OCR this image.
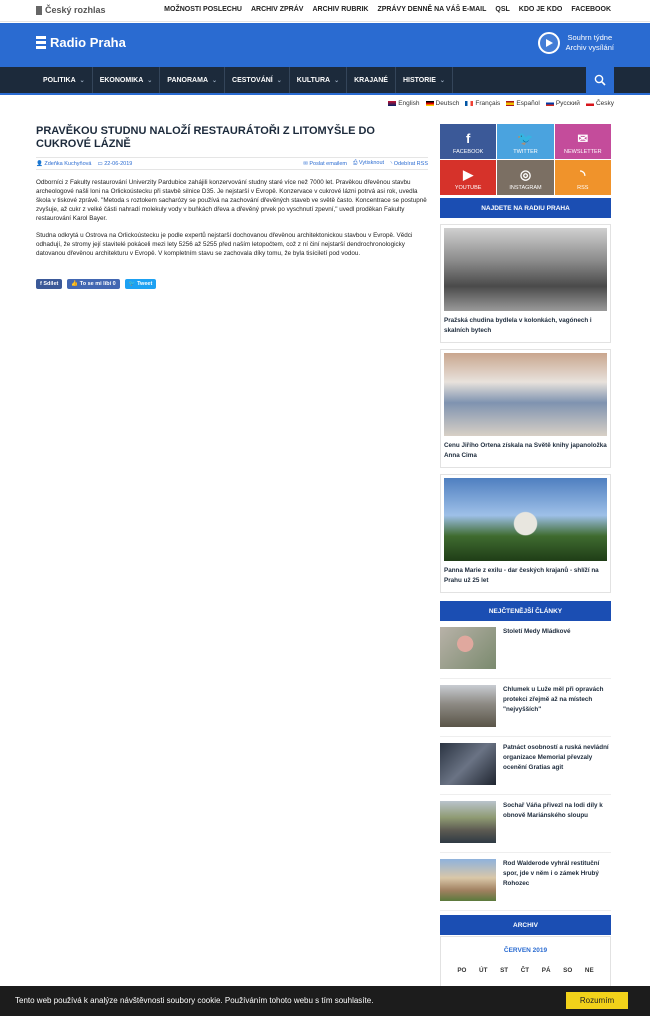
Český rozhlas	MOŽNOSTI POSLECHU ARCHIV ZPRÁV ARCHIV RUBRIK ZPRÁVY DENNĚ NA VÁŠ E-MAIL QSL KDO JE KDO FACEBOOK
Radio Praha	Souhrn týdne
Archiv vysílání
POLITIKA ⌄ EKONOMIKA ⌄ PANORAMA ⌄ CESTOVÁNÍ ⌄ KULTURA ⌄ KRAJANÉ HISTORIE ⌄
English Deutsch Français Español Русский Česky
PRAVĚKOU STUDNU NALOŽÍ RESTAURÁTOŘI Z LITOMYŠLE DO CUKROVÉ LÁZNĚ
👤 Zdeňka Kuchyňová ▭ 22-06-2019	✉ Poslat emailem ⎙ Vytisknout ◝ Odebírat RSS

Odborníci z Fakulty restaurování Univerzity Pardubice zahájili konzervování studny staré více než 7000 let. Pravěkou dřevěnou stavbu archeologové našli loni na Orlickoústecku při stavbě silnice D35. Je nejstarší v Evropě. Konzervace v cukrové lázni potrvá asi rok, uvedla škola v tiskové zprávě. "Metoda s roztokem sacharózy se používá na zachování dřevěných staveb ve světě často. Koncentrace se postupně zvyšuje, až cukr z velké části nahradí molekuly vody v buňkách dřeva a dřevěný prvek po vyschnutí zpevní," uvedl proděkan Fakulty restaurování Karol Bayer.

Studna odkrytá u Ostrova na Orlickoústecku je podle expertů nejstarší dochovanou dřevěnou architektonickou stavbou v Evropě. Vědci odhadují, že stromy její stavitelé pokáceli mezi lety 5256 až 5255 před naším letopočtem, což z ní činí nejstarší dendrochronologicky datovanou dřevěnou architekturu v Evropě. V kompletním stavu se zachovala díky tomu, že byla tisíciletí pod vodou.

f Sdílet	👍 To se mi líbí 0	🐦 Tweet
f
FACEBOOK
🐦
TWITTER
✉
NEWSLETTER
▶
YOUTUBE
◎
INSTAGRAM
◝
RSS
NAJDETE NA RADIU PRAHA
Pražská chudina bydlela v kolonkách, vagónech i skalních bytech
Cenu Jiřího Ortena získala na Světě knihy japanoložka Anna Cima
Panna Marie z exilu - dar českých krajanů - shlíží na Prahu už 25 let
NEJČTENĚJŠÍ ČLÁNKY
Století Medy Mládkové
Chlumek u Luže měl při opravách protekci zřejmě až na místech "nejvyšších"
Patnáct osobností a ruská nevládní organizace Memorial převzaly ocenění Gratias agit
Sochař Váňa přivezl na lodi díly k obnově Mariánského sloupu
Rod Walderode vyhrál restituční spor, jde v něm i o zámek Hrubý Rohozec
ARCHIV
ČERVEN 2019
PO ÚT ST ČT PÁ SO NE
Tento web používá k analýze návštěvnosti soubory cookie. Používáním tohoto webu s tím souhlasíte.	Rozumím
